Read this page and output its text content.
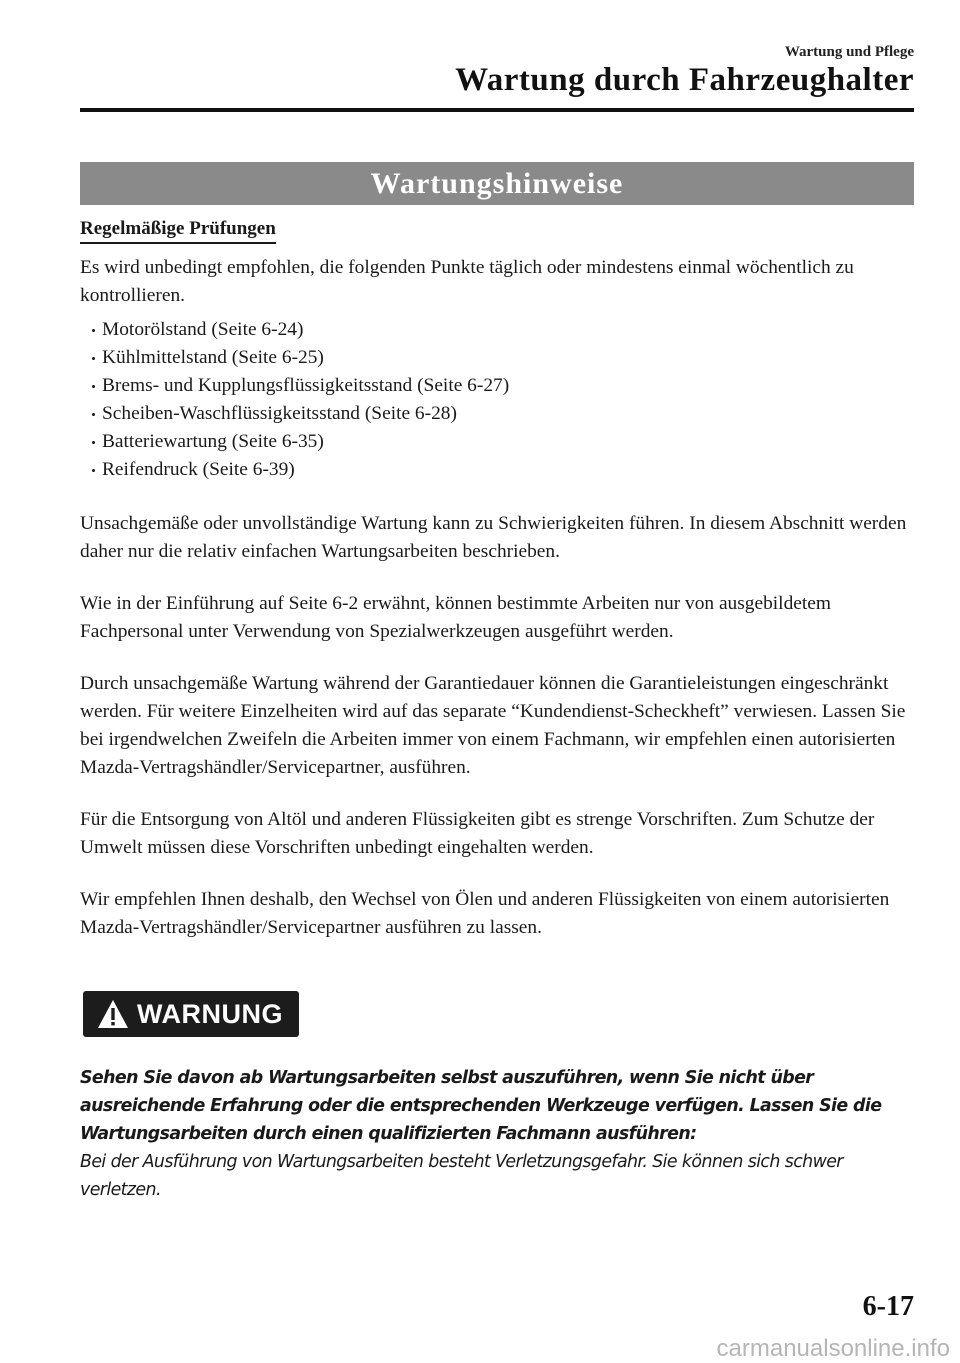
Wartung und Pflege
Wartung durch Fahrzeughalter
Wartungshinweise
Regelmäßige Prüfungen

Es wird unbedingt empfohlen, die folgenden Punkte täglich oder mindestens einmal wöchentlich zu kontrollieren.

Motorölstand (Seite 6-24)
Kühlmittelstand (Seite 6-25)
Brems- und Kupplungsflüssigkeitsstand (Seite 6-27)
Scheiben-Waschflüssigkeitsstand (Seite 6-28)
Batteriewartung (Seite 6-35)
Reifendruck (Seite 6-39)

Unsachgemäße oder unvollständige Wartung kann zu Schwierigkeiten führen. In diesem Abschnitt werden daher nur die relativ einfachen Wartungsarbeiten beschrieben.

Wie in der Einführung auf Seite 6-2 erwähnt, können bestimmte Arbeiten nur von ausgebildetem Fachpersonal unter Verwendung von Spezialwerkzeugen ausgeführt werden.

Durch unsachgemäße Wartung während der Garantiedauer können die Garantieleistungen eingeschränkt werden. Für weitere Einzelheiten wird auf das separate “Kundendienst-Scheckheft” verwiesen. Lassen Sie bei irgendwelchen Zweifeln die Arbeiten immer von einem Fachmann, wir empfehlen einen autorisierten Mazda-Vertragshändler/Servicepartner, ausführen.

Für die Entsorgung von Altöl und anderen Flüssigkeiten gibt es strenge Vorschriften. Zum Schutze der Umwelt müssen diese Vorschriften unbedingt eingehalten werden.

Wir empfehlen Ihnen deshalb, den Wechsel von Ölen und anderen Flüssigkeiten von einem autorisierten Mazda-Vertragshändler/Servicepartner ausführen zu lassen.

WARNUNG
Sehen Sie davon ab Wartungsarbeiten selbst auszuführen, wenn Sie nicht über ausreichende Erfahrung oder die entsprechenden Werkzeuge verfügen. Lassen Sie die Wartungsarbeiten durch einen qualifizierten Fachmann ausführen:
Bei der Ausführung von Wartungsarbeiten besteht Verletzungsgefahr. Sie können sich schwer verletzen.
6-17
carmanualsonline.info
